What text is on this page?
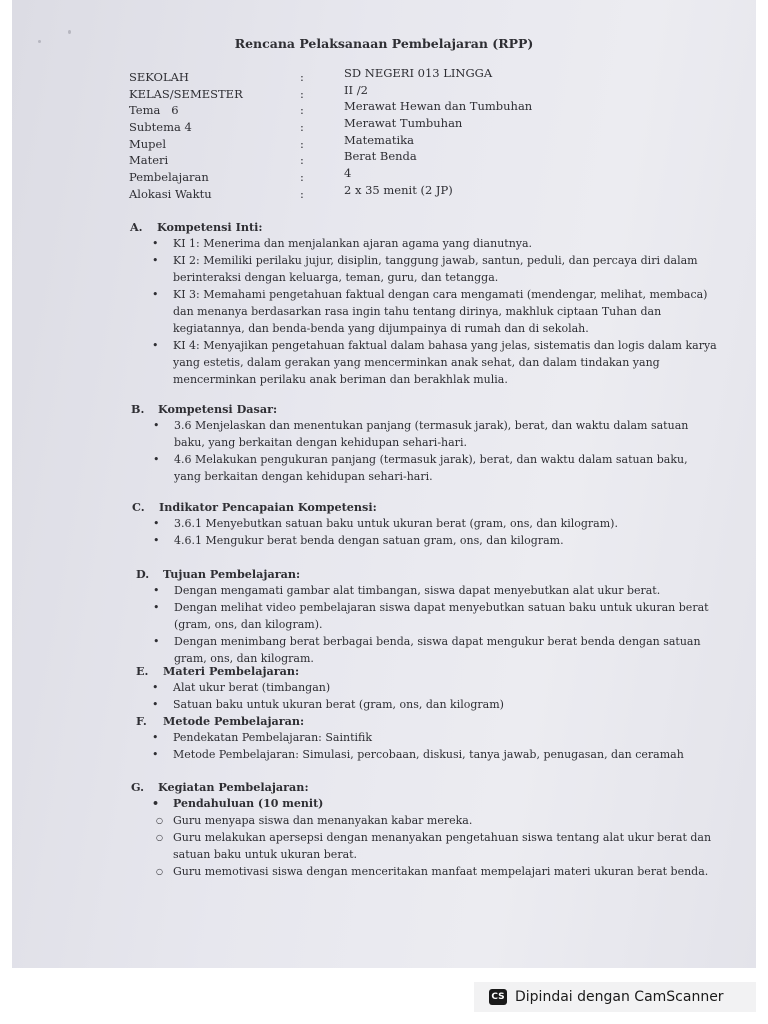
Rencana Pelaksanaan Pembelajaran (RPP)
SEKOLAH	:	SD NEGERI 013 LINGGA
KELAS/SEMESTER	:	II /2
Tema   6	:	Merawat Hewan dan Tumbuhan
Subtema 4	:	Merawat Tumbuhan
Mupel	:	Matematika
Materi	:	Berat Benda
Pembelajaran	:	4
Alokasi Waktu	:	2 x 35 menit (2 JP)
A. Kompetensi Inti:
• KI 1: Menerima dan menjalankan ajaran agama yang dianutnya.
• KI 2: Memiliki perilaku jujur, disiplin, tanggung jawab, santun, peduli, dan percaya diri dalam
berinteraksi dengan keluarga, teman, guru, dan tetangga.
• KI 3: Memahami pengetahuan faktual dengan cara mengamati (mendengar, melihat, membaca)
dan menanya berdasarkan rasa ingin tahu tentang dirinya, makhluk ciptaan Tuhan dan
kegiatannya, dan benda-benda yang dijumpainya di rumah dan di sekolah.
• KI 4: Menyajikan pengetahuan faktual dalam bahasa yang jelas, sistematis dan logis dalam karya
yang estetis, dalam gerakan yang mencerminkan anak sehat, dan dalam tindakan yang
mencerminkan perilaku anak beriman dan berakhlak mulia.
B. Kompetensi Dasar:
• 3.6 Menjelaskan dan menentukan panjang (termasuk jarak), berat, dan waktu dalam satuan
baku, yang berkaitan dengan kehidupan sehari-hari.
• 4.6 Melakukan pengukuran panjang (termasuk jarak), berat, dan waktu dalam satuan baku,
yang berkaitan dengan kehidupan sehari-hari.
C. Indikator Pencapaian Kompetensi:
• 3.6.1 Menyebutkan satuan baku untuk ukuran berat (gram, ons, dan kilogram).
• 4.6.1 Mengukur berat benda dengan satuan gram, ons, dan kilogram.
D. Tujuan Pembelajaran:
• Dengan mengamati gambar alat timbangan, siswa dapat menyebutkan alat ukur berat.
• Dengan melihat video pembelajaran siswa dapat menyebutkan satuan baku untuk ukuran berat
(gram, ons, dan kilogram).
• Dengan menimbang berat berbagai benda, siswa dapat mengukur berat benda dengan satuan
gram, ons, dan kilogram.
E. Materi Pembelajaran:
• Alat ukur berat (timbangan)
• Satuan baku untuk ukuran berat (gram, ons, dan kilogram)
F. Metode Pembelajaran:
• Pendekatan Pembelajaran: Saintifik
• Metode Pembelajaran: Simulasi, percobaan, diskusi, tanya jawab, penugasan, dan ceramah
G. Kegiatan Pembelajaran:
• Pendahuluan (10 menit)
○ Guru menyapa siswa dan menanyakan kabar mereka.
○ Guru melakukan apersepsi dengan menanyakan pengetahuan siswa tentang alat ukur berat dan
satuan baku untuk ukuran berat.
○ Guru memotivasi siswa dengan menceritakan manfaat mempelajari materi ukuran berat benda.
CS Dipindai dengan CamScanner
